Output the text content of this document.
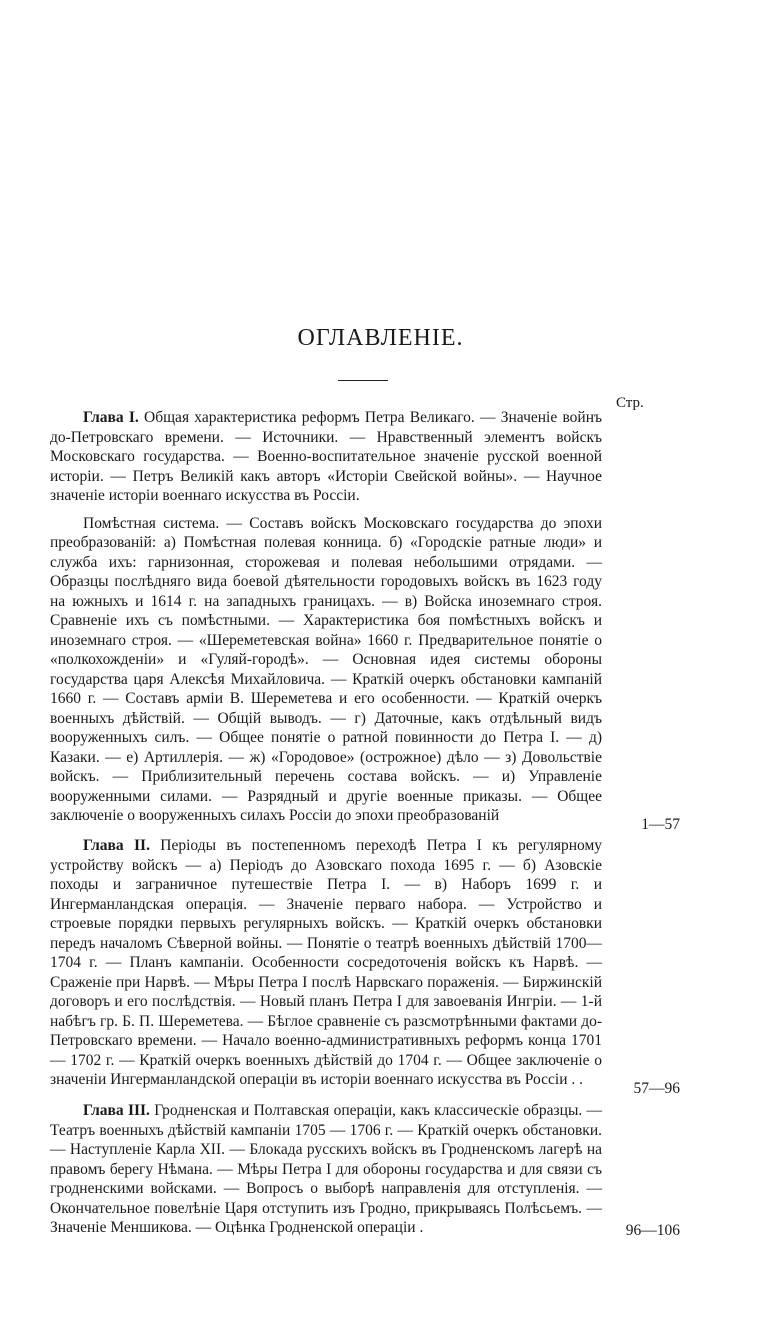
ОГЛАВЛЕНІЕ.
Стр.

Глава I. Общая характеристика реформъ Петра Великаго. — Значеніе войнъ до-Петровскаго времени. — Источники. — Нравственный элементъ войскъ Московскаго государства. — Военно-воспитательное значеніе русской военной исторіи. — Петръ Великій какъ авторъ «Исторіи Свейской войны». — Научное значеніе исторіи военнаго искусства въ Россіи.

Помѣстная система. — Составъ войскъ Московскаго государства до эпохи преобразованій: а) Помѣстная полевая конница. б) «Городскіе ратные люди» и служба ихъ: гарнизонная, сторожевая и полевая небольшими отрядами. — Образцы послѣдняго вида боевой дѣятельности городовыхъ войскъ въ 1623 году на южныхъ и 1614 г. на западныхъ границахъ. — в) Войска иноземнаго строя. Сравненіе ихъ съ помѣстными. — Характеристика боя помѣстныхъ войскъ и иноземнаго строя. — «Шереметевская война» 1660 г. Предварительное понятіе о «полкохожденіи» и «Гуляй-городѣ». — Основная идея системы обороны государства царя Алексѣя Михайловича. — Краткій очеркъ обстановки кампаній 1660 г. — Составъ арміи В. Шереметева и его особенности. — Краткій очеркъ военныхъ дѣйствій. — Общій выводъ. — г) Даточные, какъ отдѣльный видъ вооруженныхъ силъ. — Общее понятіе о ратной повинности до Петра I. — д) Казаки. — е) Артиллерія. — ж) «Городовое» (острожное) дѣло — з) Довольствіе войскъ. — Приблизительный перечень состава войскъ. — и) Управленіе вооруженными силами. — Разрядный и другіе военные приказы. — Общее заключеніе о вооруженныхъ силахъ Россіи до эпохи преобразованій

1—57

Глава II. Періоды въ постепенномъ переходѣ Петра I къ регулярному устройству войскъ — а) Періодъ до Азовскаго похода 1695 г. — б) Азовскіе походы и заграничное путешествіе Петра I. — в) Наборъ 1699 г. и Ингерманландская операція. — Значеніе перваго набора. — Устройство и строевые порядки первыхъ регулярныхъ войскъ. — Краткій очеркъ обстановки передъ началомъ Сѣверной войны. — Понятіе о театрѣ военныхъ дѣйствій 1700—1704 г. — Планъ кампаніи. Особенности сосредоточенія войскъ къ Нарвѣ. — Сраженіе при Нарвѣ. — Мѣры Петра I послѣ Нарвскаго пораженія. — Биржинскій договоръ и его послѣдствія. — Новый планъ Петра I для завоеванія Ингріи. — 1-й набѣгъ гр. Б. П. Шереметева. — Бѣглое сравненіе съ разсмотрѣнными фактами до-Петровскаго времени. — Начало военно-административныхъ реформъ конца 1701 — 1702 г. — Краткій очеркъ военныхъ дѣйствій до 1704 г. — Общее заключеніе о значеніи Ингерманландской операціи въ исторіи военнаго искусства въ Россіи . .

57—96

Глава III. Гродненская и Полтавская операціи, какъ классическіе образцы. — Театръ военныхъ дѣйствій кампаніи 1705 — 1706 г. — Краткій очеркъ обстановки. — Наступленіе Карла XII. — Блокада русскихъ войскъ въ Гродненскомъ лагерѣ на правомъ берегу Нѣмана. — Мѣры Петра I для обороны государства и для связи съ гродненскими войсками. — Вопросъ о выборѣ направленія для отступленія. — Окончательное повелѣніе Царя отступить изъ Гродно, прикрываясь Полѣсьемъ. — Значеніе Меншикова. — Оцѣнка Гродненской операціи .	96—106
